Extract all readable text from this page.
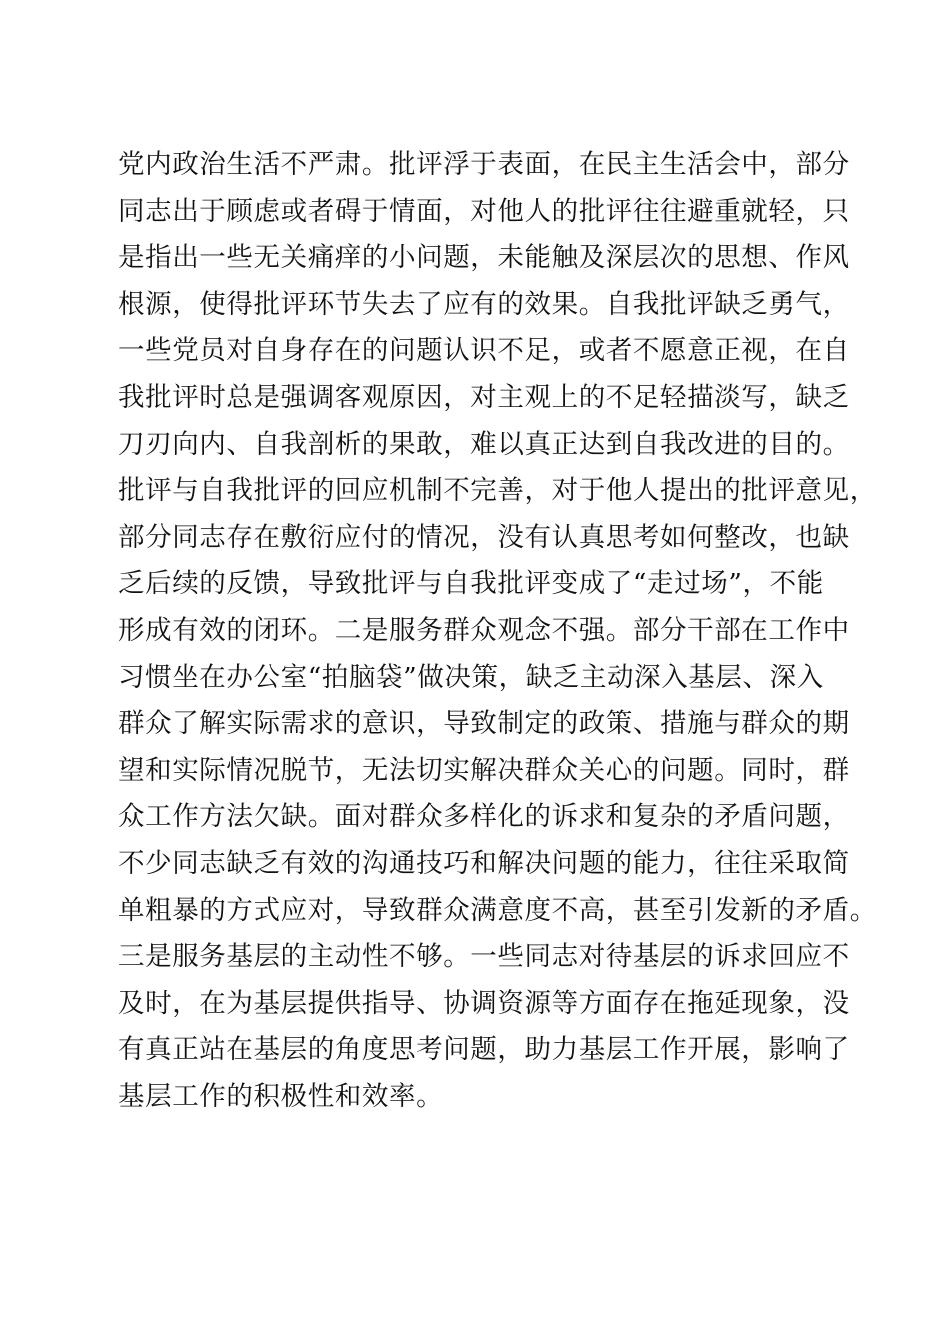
党内政治生活不严肃。批评浮于表面，在民主生活会中，部分
同志出于顾虑或者碍于情面，对他人的批评往往避重就轻，只
是指出一些无关痛痒的小问题，未能触及深层次的思想、作风
根源，使得批评环节失去了应有的效果。自我批评缺乏勇气，
一些党员对自身存在的问题认识不足，或者不愿意正视，在自
我批评时总是强调客观原因，对主观上的不足轻描淡写，缺乏
刀刃向内、自我剖析的果敢，难以真正达到自我改进的目的。
批评与自我批评的回应机制不完善，对于他人提出的批评意见，
部分同志存在敷衍应付的情况，没有认真思考如何整改，也缺
乏后续的反馈，导致批评与自我批评变成了“走过场”，不能
形成有效的闭环。二是服务群众观念不强。部分干部在工作中
习惯坐在办公室“拍脑袋”做决策，缺乏主动深入基层、深入
群众了解实际需求的意识，导致制定的政策、措施与群众的期
望和实际情况脱节，无法切实解决群众关心的问题。同时，群
众工作方法欠缺。面对群众多样化的诉求和复杂的矛盾问题，
不少同志缺乏有效的沟通技巧和解决问题的能力，往往采取简
单粗暴的方式应对，导致群众满意度不高，甚至引发新的矛盾。
三是服务基层的主动性不够。一些同志对待基层的诉求回应不
及时，在为基层提供指导、协调资源等方面存在拖延现象，没
有真正站在基层的角度思考问题，助力基层工作开展，影响了
基层工作的积极性和效率。
